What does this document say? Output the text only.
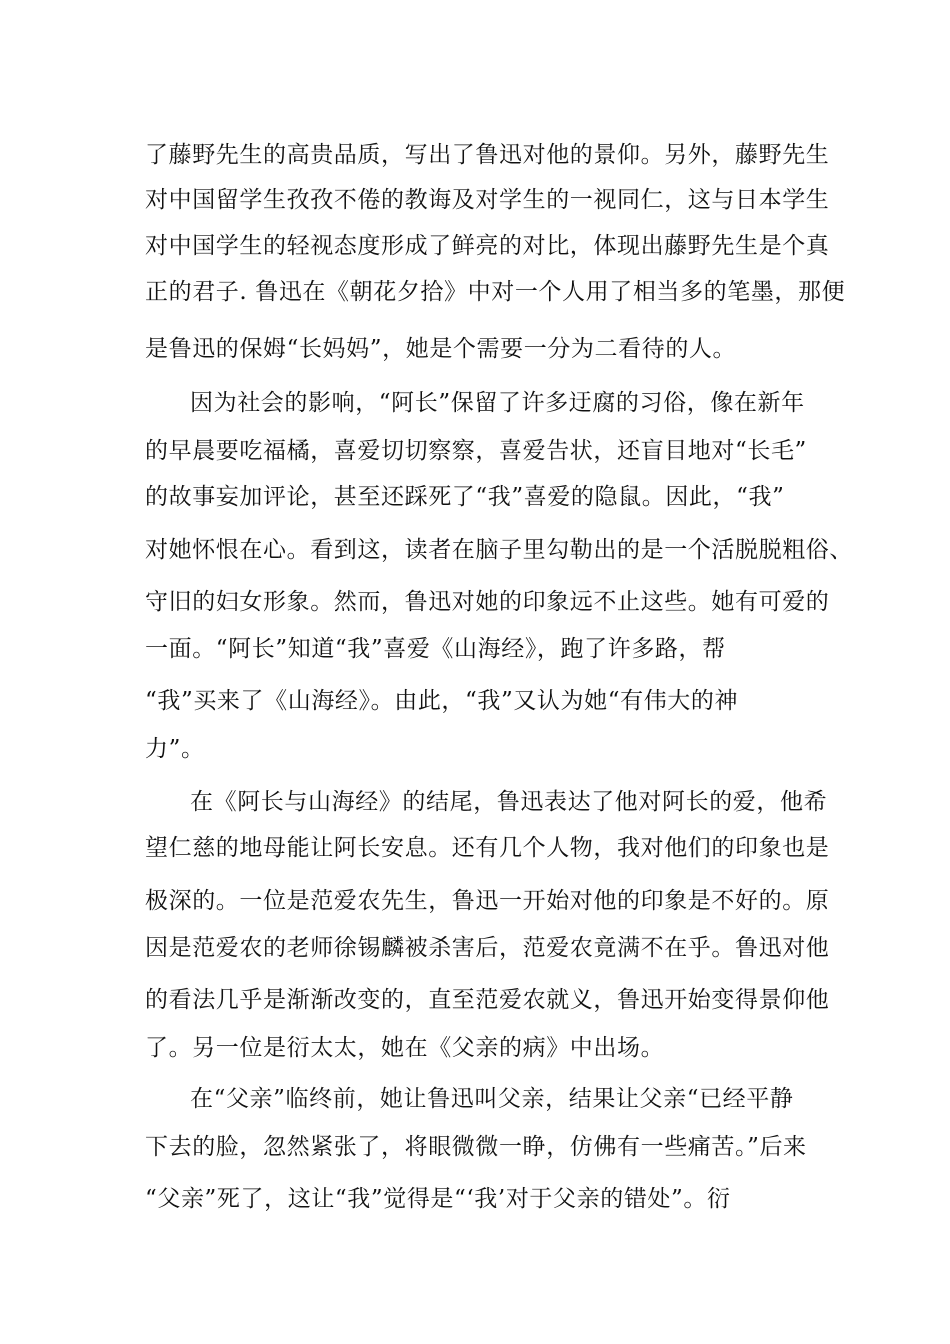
了藤野先生的高贵品质，写出了鲁迅对他的景仰。另外，藤野先生
对中国留学生孜孜不倦的教诲及对学生的一视同仁，这与日本学生
对中国学生的轻视态度形成了鲜亮的对比，体现出藤野先生是个真
正的君子. 鲁迅在《朝花夕拾》中对一个人用了相当多的笔墨，那便
是鲁迅的保姆“长妈妈”，她是个需要一分为二看待的人。
因为社会的影响，“阿长”保留了许多迂腐的习俗，像在新年
的早晨要吃福橘，喜爱切切察察，喜爱告状，还盲目地对“长毛”
的故事妄加评论，甚至还踩死了“我”喜爱的隐鼠。因此，“我”
对她怀恨在心。看到这，读者在脑子里勾勒出的是一个活脱脱粗俗、
守旧的妇女形象。然而，鲁迅对她的印象远不止这些。她有可爱的
一面。“阿长”知道“我”喜爱《山海经》，跑了许多路，帮
“我”买来了《山海经》。由此，“我”又认为她“有伟大的神
力”。
在《阿长与山海经》的结尾，鲁迅表达了他对阿长的爱，他希
望仁慈的地母能让阿长安息。还有几个人物，我对他们的印象也是
极深的。一位是范爱农先生，鲁迅一开始对他的印象是不好的。原
因是范爱农的老师徐锡麟被杀害后，范爱农竟满不在乎。鲁迅对他
的看法几乎是渐渐改变的，直至范爱农就义，鲁迅开始变得景仰他
了。另一位是衍太太，她在《父亲的病》中出场。
在“父亲”临终前，她让鲁迅叫父亲，结果让父亲“已经平静
下去的脸，忽然紧张了，将眼微微一睁，仿佛有一些痛苦。”后来
“父亲”死了，这让“我”觉得是“‘我’对于父亲的错处”。衍
